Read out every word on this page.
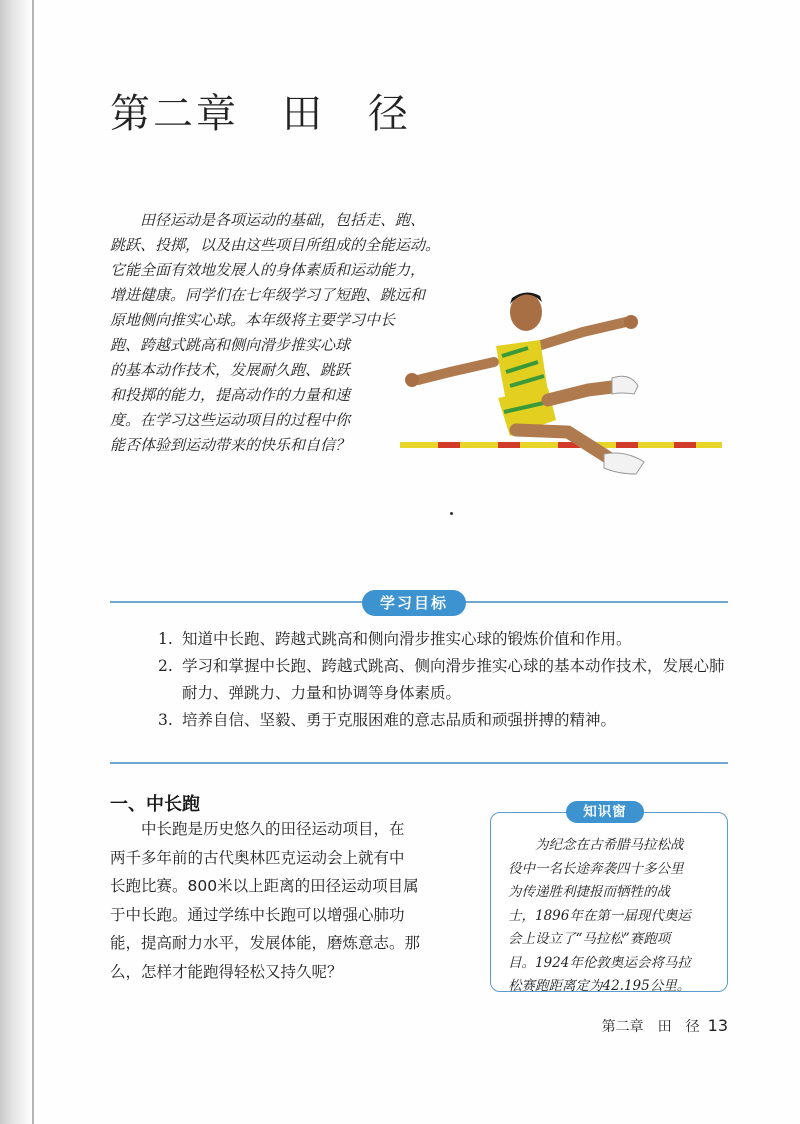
第二章　田　径
　　田径运动是各项运动的基础，包括走、跑、
跳跃、投掷，以及由这些项目所组成的全能运动。
它能全面有效地发展人的身体素质和运动能力，
增进健康。同学们在七年级学习了短跑、跳远和
原地侧向推实心球。本年级将主要学习中长
跑、跨越式跳高和侧向滑步推实心球
的基本动作技术，发展耐久跑、跳跃
和投掷的能力，提高动作的力量和速
度。在学习这些运动项目的过程中你
能否体验到运动带来的快乐和自信？
学习目标
1. 知道中长跑、跨越式跳高和侧向滑步推实心球的锻炼价值和作用。
2. 学习和掌握中长跑、跨越式跳高、侧向滑步推实心球的基本动作技术，发展心肺耐力、弹跳力、力量和协调等身体素质。
3. 培养自信、坚毅、勇于克服困难的意志品质和顽强拼搏的精神。
一、中长跑
　　中长跑是历史悠久的田径运动项目，在
两千多年前的古代奥林匹克运动会上就有中
长跑比赛。800米以上距离的田径运动项目属
于中长跑。通过学练中长跑可以增强心肺功
能，提高耐力水平，发展体能，磨炼意志。那
么，怎样才能跑得轻松又持久呢？
知识窗
　　为纪念在古希腊马拉松战
役中一名长途奔袭四十多公里
为传递胜利捷报而牺牲的战
士，1896年在第一届现代奥运
会上设立了“马拉松”赛跑项
目。1924年伦敦奥运会将马拉
松赛跑距离定为42.195公里。
第二章　田　径 13
